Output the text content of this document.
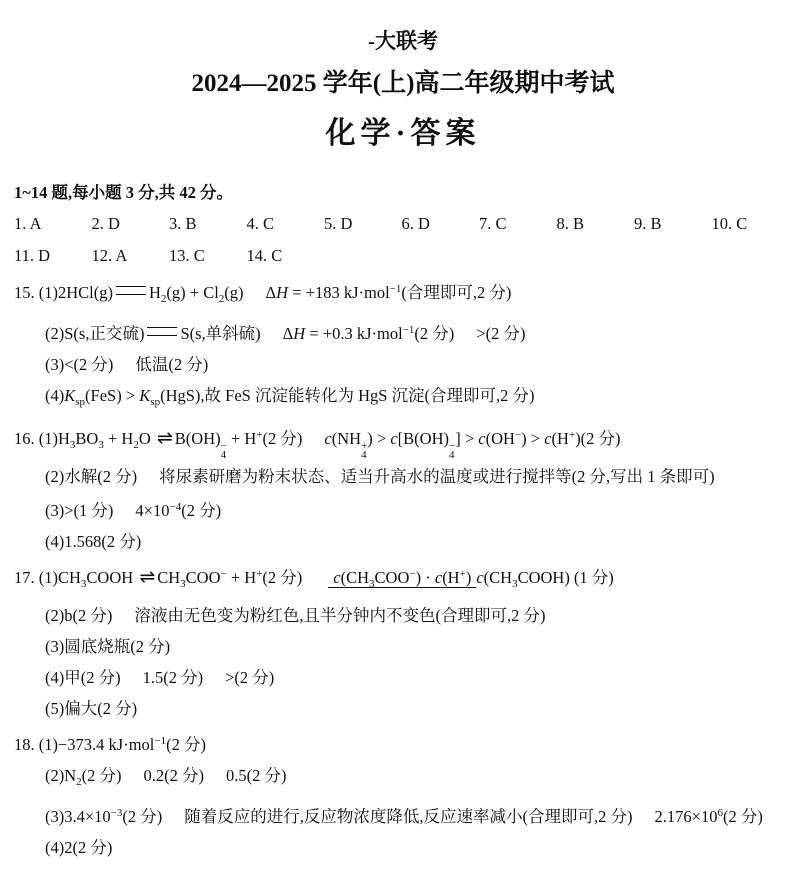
-大联考
2024—2025 学年(上)高二年级期中考试
化学·答案
1~14 题,每小题 3 分,共 42 分。
1. A	2. D	3. B	4. C	5. D	6. D	7. C	8. B	9. B	10. C
11. D	12. A	13. C	14. C
15. (1)2HCl(g) $H_2(g) + Cl_2(g) \Delta H = +183$ kJ·mol$^{-1}$(合理即可,2 分)
(2)S(s,正交硫) S(s,单斜硫) ΔH = +0.3 kJ·mol$^{-1}$(2 分) >(2 分)
(3)<(2 分) 低温(2 分)
$(4)K_{sp}(FeS) > K_{sp}(HgS)$,故 FeS 沉淀能转化为 HgS 沉淀(合理即可,2 分)
16. $(1)H_3BO_3 + H_2O$ ⇌ B(OH) −
4
+ H+(2 分) c(NH +
4
) > c[B(OH) −
4
] > c(OH−) > c(H+)(2 分)
(2)水解(2 分) 将尿素研磨为粉末状态、适当升高水的温度或进行搅拌等(2 分,写出 1 条即可)
(3)>(1 分) $4\times 10^{-4}(2$ 分)
(4)1.568(2 分)
17. $(1)CH_3COOH$ ⇌ $CH_3COO^- + H^+(2$ 分) $c(CH_3COO^-) \cdot c(H^+)$ $c(CH_3COOH)$ (1 分)
(2)b(2 分) 溶液由无色变为粉红色,且半分钟内不变色(合理即可,2 分)
(3)圆底烧瓶(2 分)
(4)甲(2 分) 1.5(2 分) >(2 分)
(5)偏大(2 分)
18. (1)−373.4 kJ·mol$^{-1}$(2 分)
$(2)N_2(2$ 分) 0.2(2 分) 0.5(2 分)
$(3)3.4\times 10^{-3}(2$ 分) 随着反应的进行,反应物浓度降低,反应速率减小(合理即可,2 分) $2.176\times 10^6(2$ 分)
(4)2(2 分)
